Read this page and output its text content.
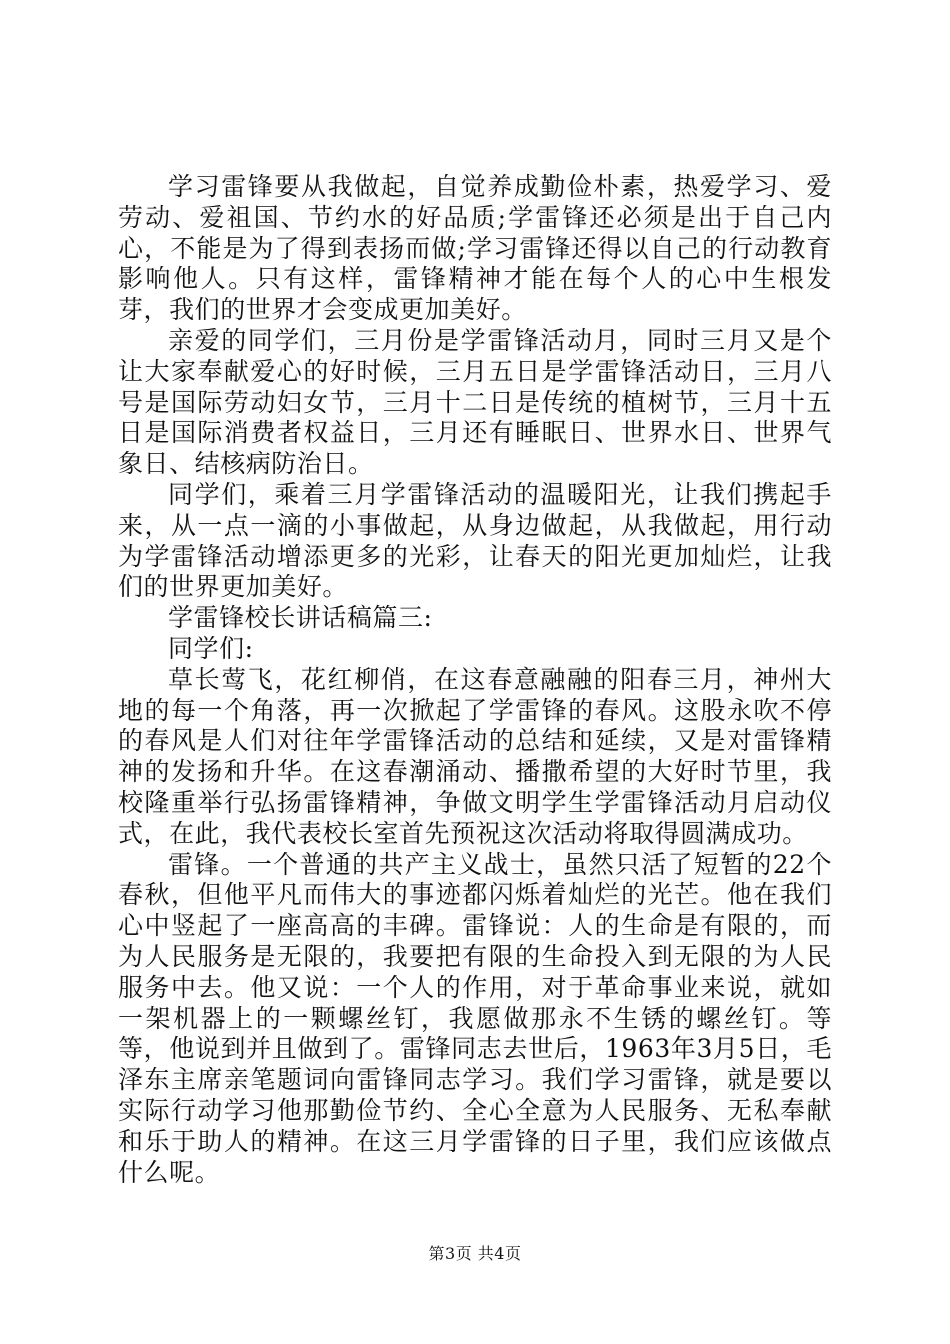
学习雷锋要从我做起，自觉养成勤俭朴素，热爱学习、爱劳动、爱祖国、节约水的好品质;学雷锋还必须是出于自己内心，不能是为了得到表扬而做;学习雷锋还得以自己的行动教育影响他人。只有这样，雷锋精神才能在每个人的心中生根发芽，我们的世界才会变成更加美好。

亲爱的同学们，三月份是学雷锋活动月，同时三月又是个让大家奉献爱心的好时候，三月五日是学雷锋活动日，三月八号是国际劳动妇女节，三月十二日是传统的植树节，三月十五日是国际消费者权益日，三月还有睡眠日、世界水日、世界气象日、结核病防治日。

同学们，乘着三月学雷锋活动的温暖阳光，让我们携起手来，从一点一滴的小事做起，从身边做起，从我做起，用行动为学雷锋活动增添更多的光彩，让春天的阳光更加灿烂，让我们的世界更加美好。

学雷锋校长讲话稿篇三:

同学们:

草长莺飞，花红柳俏，在这春意融融的阳春三月，神州大地的每一个角落，再一次掀起了学雷锋的春风。这股永吹不停的春风是人们对往年学雷锋活动的总结和延续，又是对雷锋精神的发扬和升华。在这春潮涌动、播撒希望的大好时节里，我校隆重举行弘扬雷锋精神，争做文明学生学雷锋活动月启动仪式，在此，我代表校长室首先预祝这次活动将取得圆满成功。

雷锋。一个普通的共产主义战士，虽然只活了短暂的22个春秋，但他平凡而伟大的事迹都闪烁着灿烂的光芒。他在我们心中竖起了一座高高的丰碑。雷锋说：人的生命是有限的，而为人民服务是无限的，我要把有限的生命投入到无限的为人民服务中去。他又说：一个人的作用，对于革命事业来说，就如一架机器上的一颗螺丝钉，我愿做那永不生锈的螺丝钉。等等，他说到并且做到了。雷锋同志去世后，1963年3月5日，毛泽东主席亲笔题词向雷锋同志学习。我们学习雷锋，就是要以实际行动学习他那勤俭节约、全心全意为人民服务、无私奉献和乐于助人的精神。在这三月学雷锋的日子里，我们应该做点什么呢。

第3页 共4页
